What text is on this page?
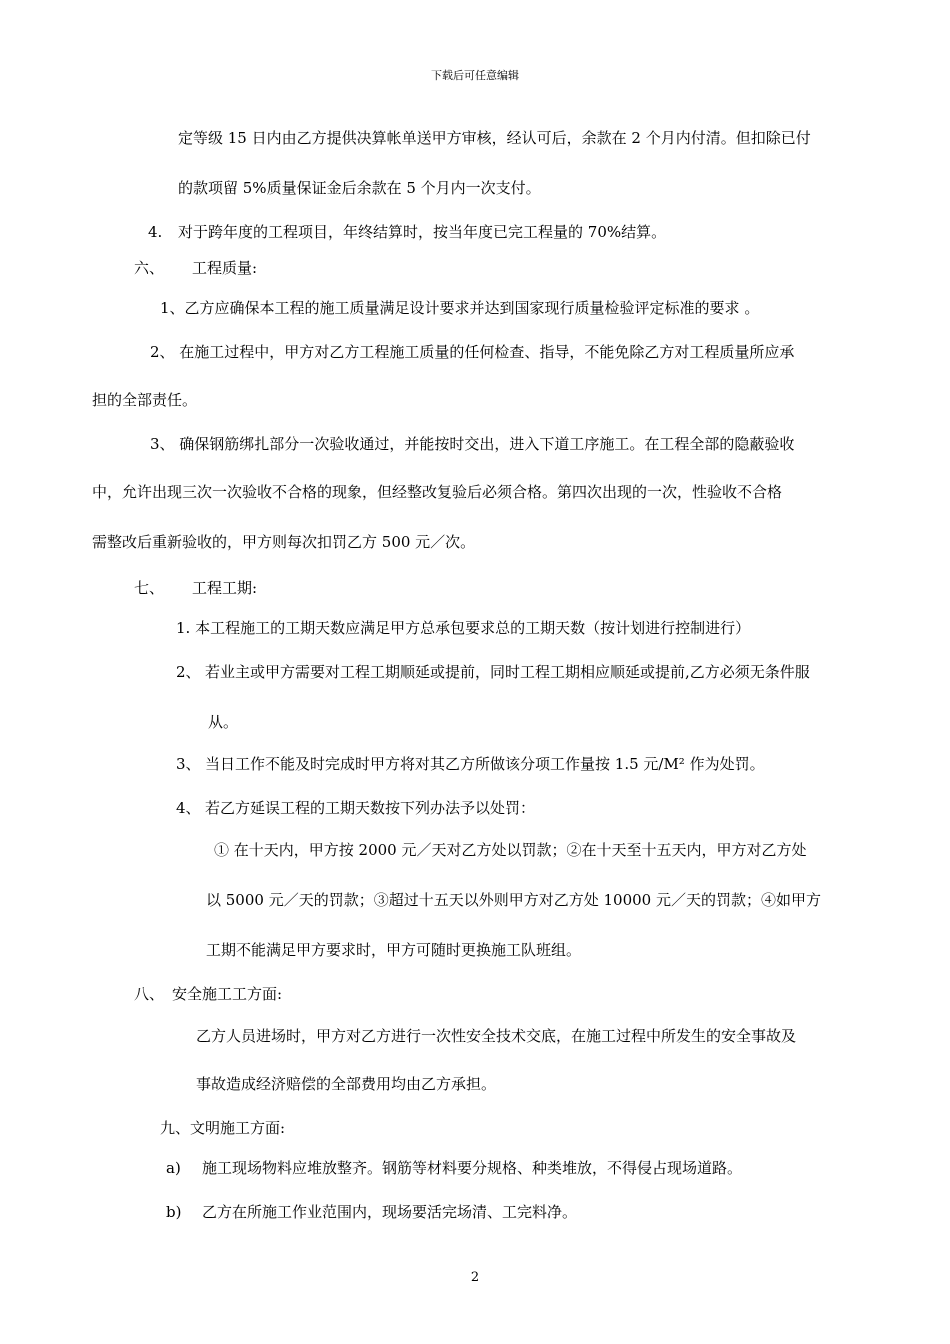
下载后可任意编辑
定等级 15 日内由乙方提供决算帐单送甲方审核，经认可后，余款在 2 个月内付清。但扣除已付
的款项留 5%质量保证金后余款在 5 个月内一次支付。
4. 对于跨年度的工程项目，年终结算时，按当年度已完工程量的 70%结算。
六、 工程质量:
1、乙方应确保本工程的施工质量满足设计要求并达到国家现行质量检验评定标准的要求 。
2、 在施工过程中，甲方对乙方工程施工质量的任何检查、指导，不能免除乙方对工程质量所应承
担的全部责任。
3、 确保钢筋绑扎部分一次验收通过，并能按时交出，进入下道工序施工。在工程全部的隐蔽验收
中，允许出现三次一次验收不合格的现象，但经整改复验后必须合格。第四次出现的一次，性验收不合格
需整改后重新验收的，甲方则每次扣罚乙方 500 元／次。
七、 工程工期:
1. 本工程施工的工期天数应满足甲方总承包要求总的工期天数（按计划进行控制进行）
2、 若业主或甲方需要对工程工期顺延或提前，同时工程工期相应顺延或提前,乙方必须无条件服
从。
3、 当日工作不能及时完成时甲方将对其乙方所做该分项工作量按 1.5 元/M² 作为处罚。
4、 若乙方延误工程的工期天数按下列办法予以处罚：
① 在十天内，甲方按 2000 元／天对乙方处以罚款；②在十天至十五天内，甲方对乙方处
以 5000 元／天的罚款；③超过十五天以外则甲方对乙方处 10000 元／天的罚款；④如甲方
工期不能满足甲方要求时，甲方可随时更换施工队班组。
八、 安全施工工方面:
乙方人员进场时，甲方对乙方进行一次性安全技术交底，在施工过程中所发生的安全事故及
事故造成经济赔偿的全部费用均由乙方承担。
九、文明施工方面:
a) 施工现场物料应堆放整齐。钢筋等材料要分规格、种类堆放，不得侵占现场道路。
b) 乙方在所施工作业范围内，现场要活完场清、工完料净。
2
